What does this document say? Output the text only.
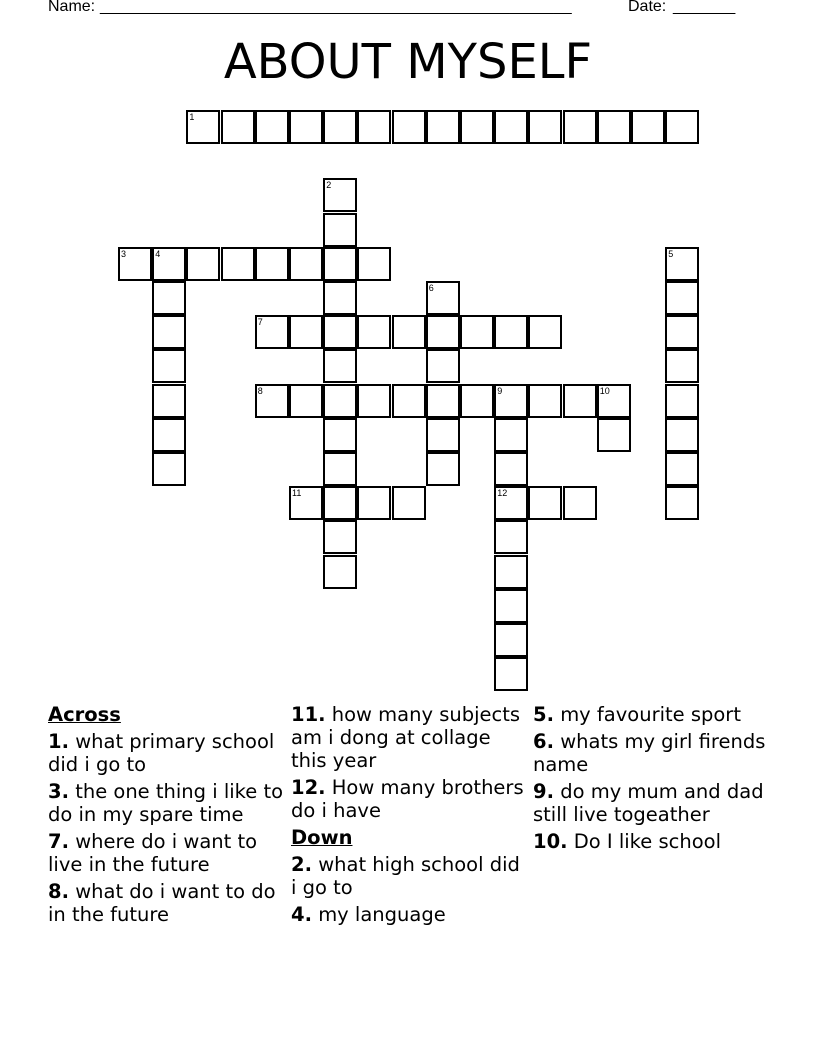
Name: _____________________________________________________	Date: _______
ABOUT MYSELF
1
2
3	4	5
6
7
8	9	10
11	12
Across
1. what primary school did i go to
3. the one thing i like to do in my spare time
7. where do i want to live in the future
8. what do i want to do in the future
11. how many subjects am i dong at collage this year
12. How many brothers do i have
Down
2. what high school did i go to
4. my language
5. my favourite sport
6. whats my girl firends name
9. do my mum and dad still live togeather
10. Do I like school
